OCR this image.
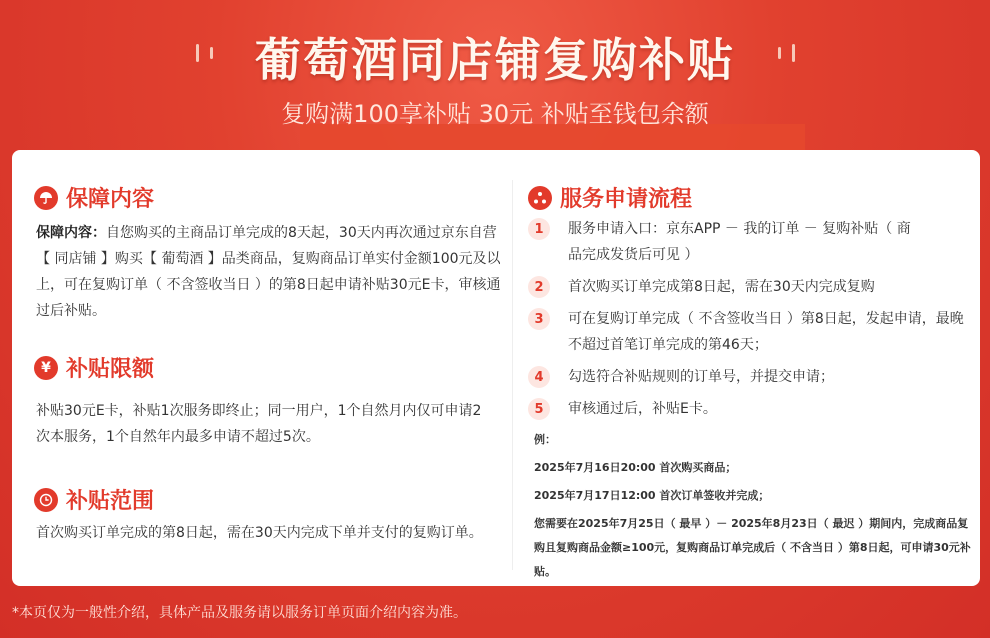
葡萄酒同店铺复购补贴
复购满100享补贴 30元 补贴至钱包余额
保障内容
保障内容：自您购买的主商品订单完成的8天起，30天内再次通过京东自营【 同店铺 】购买【 葡萄酒 】品类商品，复购商品订单实付金额100元及以上，可在复购订单（ 不含签收当日 ）的第8日起申请补贴30元E卡，审核通过后补贴。
¥ 补贴限额
补贴30元E卡，补贴1次服务即终止；同一用户，1个自然月内仅可申请2次本服务，1个自然年内最多申请不超过5次。
补贴范围
首次购买订单完成的第8日起，需在30天内完成下单并支付的复购订单。
服务申请流程
1	服务申请入口：京东APP － 我的订单 － 复购补贴（ 商品完成发货后可见 ）
2	首次购买订单完成第8日起，需在30天内完成复购
3	可在复购订单完成（ 不含签收当日 ）第8日起，发起申请，最晚不超过首笔订单完成的第46天；
4	勾选符合补贴规则的订单号，并提交申请；
5	审核通过后，补贴E卡。
例：
2025年7月16日20:00 首次购买商品；
2025年7月17日12:00 首次订单签收并完成；
您需要在2025年7月25日（ 最早 ）－ 2025年8月23日（ 最迟 ）期间内，完成商品复购且复购商品金额≥100元，复购商品订单完成后（ 不含当日 ）第8日起，可申请30元补贴。
*本页仅为一般性介绍，具体产品及服务请以服务订单页面介绍内容为准。
